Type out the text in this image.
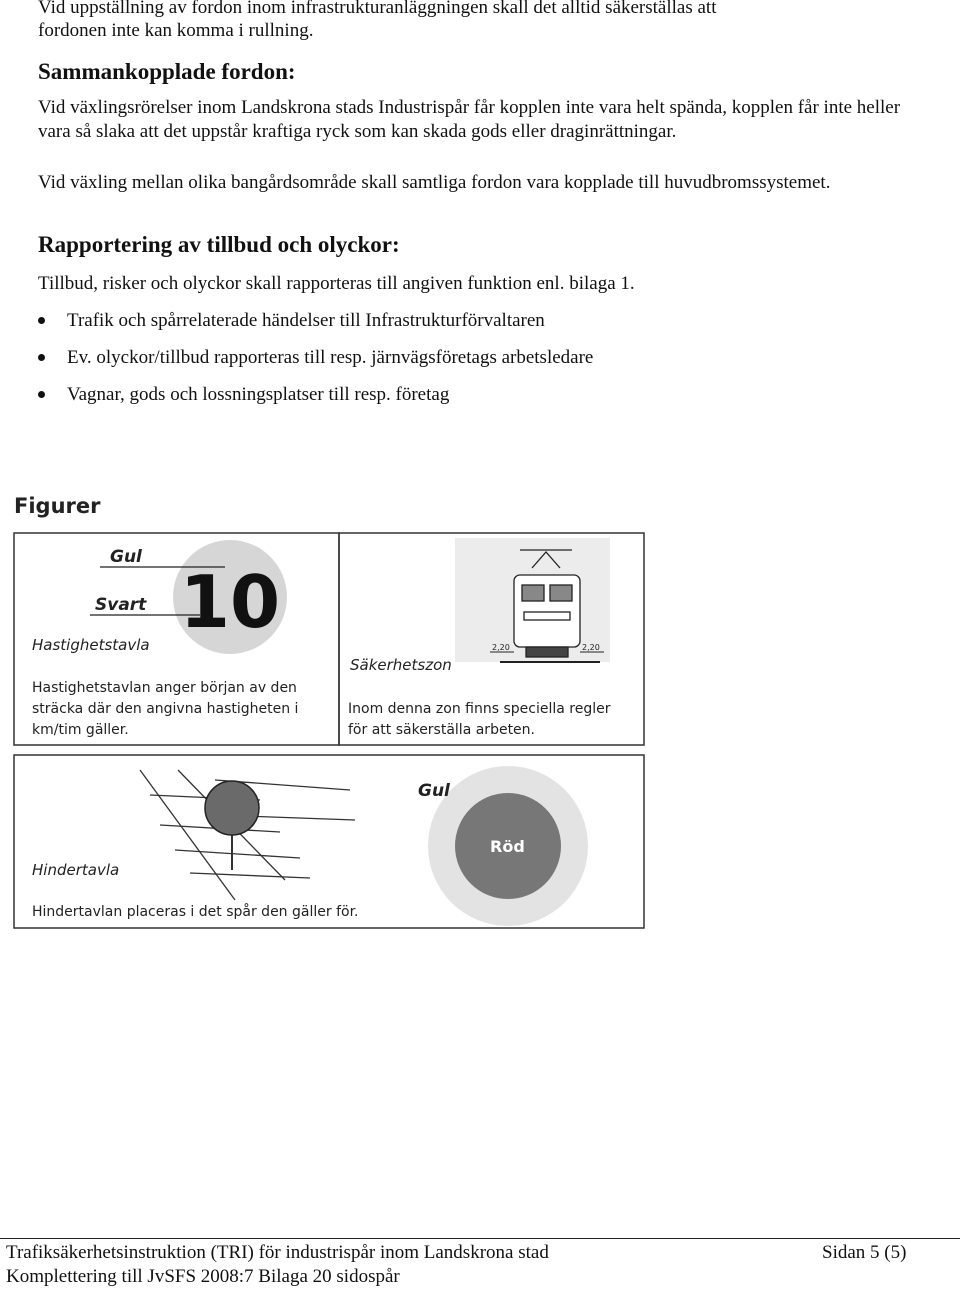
Vid uppställning av fordon inom infrastrukturanläggningen skall det alltid säkerställas att
fordonen inte kan komma i rullning.
Sammankopplade fordon:
Vid växlingsrörelser inom Landskrona stads Industrispår får kopplen inte vara helt spända, kopplen får inte heller vara så slaka att det uppstår kraftiga ryck som kan skada gods eller draginrättningar.
Vid växling mellan olika bangårdsområde skall samtliga fordon vara kopplade till huvudbromssystemet.
Rapportering av tillbud och olyckor:
Tillbud, risker och olyckor skall rapporteras till angiven funktion enl. bilaga 1.
Trafik och spårrelaterade händelser till Infrastrukturförvaltaren
Ev. olyckor/tillbud rapporteras till resp. järnvägsföretags arbetsledare
Vagnar, gods och lossningsplatser till resp. företag
Figurer
10
Gul
Svart
Hastighetstavla
Hastighetstavlan anger början av den
sträcka där den angivna hastigheten i
km/tim gäller.
2,20	2,20
Säkerhetszon
Inom denna zon finns speciella regler
för att säkerställa arbeten.
Röd
Gul
Hindertavla
Hindertavlan placeras i det spår den gäller för.
Trafiksäkerhetsinstruktion (TRI) för industrispår inom Landskrona stad
Komplettering till JvSFS 2008:7 Bilaga 20 sidospår
Sidan 5 (5)
